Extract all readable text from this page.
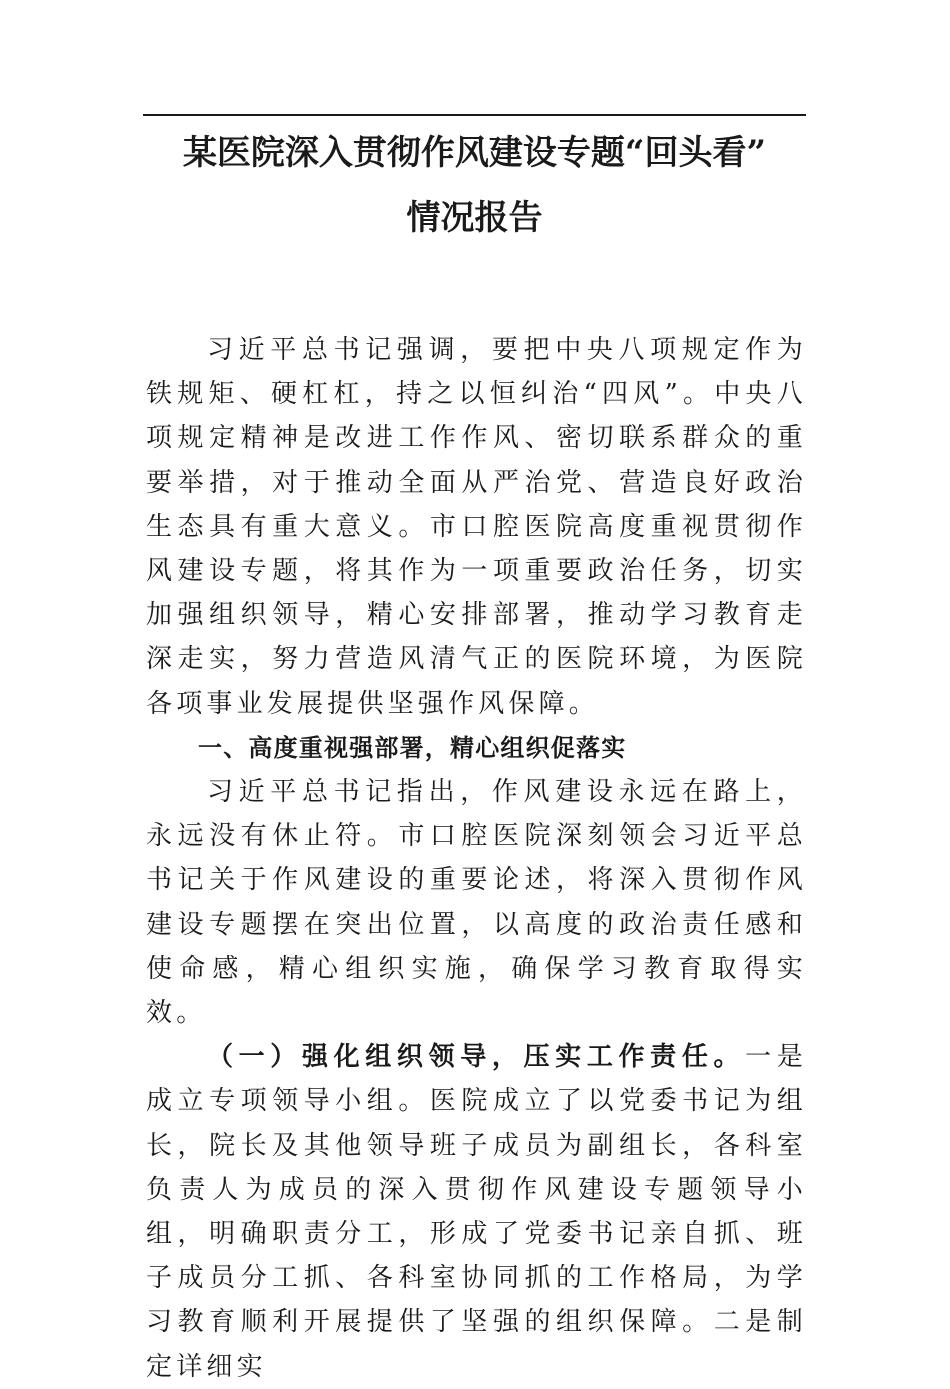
某医院深入贯彻作风建设专题“回头看”
情况报告

习近平总书记强调，要把中央八项规定作为铁规矩、硬杠杠，持之以恒纠治“四风”。中央八项规定精神是改进工作作风、密切联系群众的重要举措，对于推动全面从严治党、营造良好政治生态具有重大意义。市口腔医院高度重视贯彻作风建设专题，将其作为一项重要政治任务，切实加强组织领导，精心安排部署，推动学习教育走深走实，努力营造风清气正的医院环境，为医院各项事业发展提供坚强作风保障。

一、高度重视强部署，精心组织促落实

习近平总书记指出，作风建设永远在路上，永远没有休止符。市口腔医院深刻领会习近平总书记关于作风建设的重要论述，将深入贯彻作风建设专题摆在突出位置，以高度的政治责任感和使命感，精心组织实施，确保学习教育取得实效。

（一）强化组织领导，压实工作责任。一是成立专项领导小组。医院成立了以党委书记为组长，院长及其他领导班子成员为副组长，各科室负责人为成员的深入贯彻作风建设专题领导小组，明确职责分工，形成了党委书记亲自抓、班子成员分工抓、各科室协同抓的工作格局，为学习教育顺利开展提供了坚强的组织保障。二是制定详细实
